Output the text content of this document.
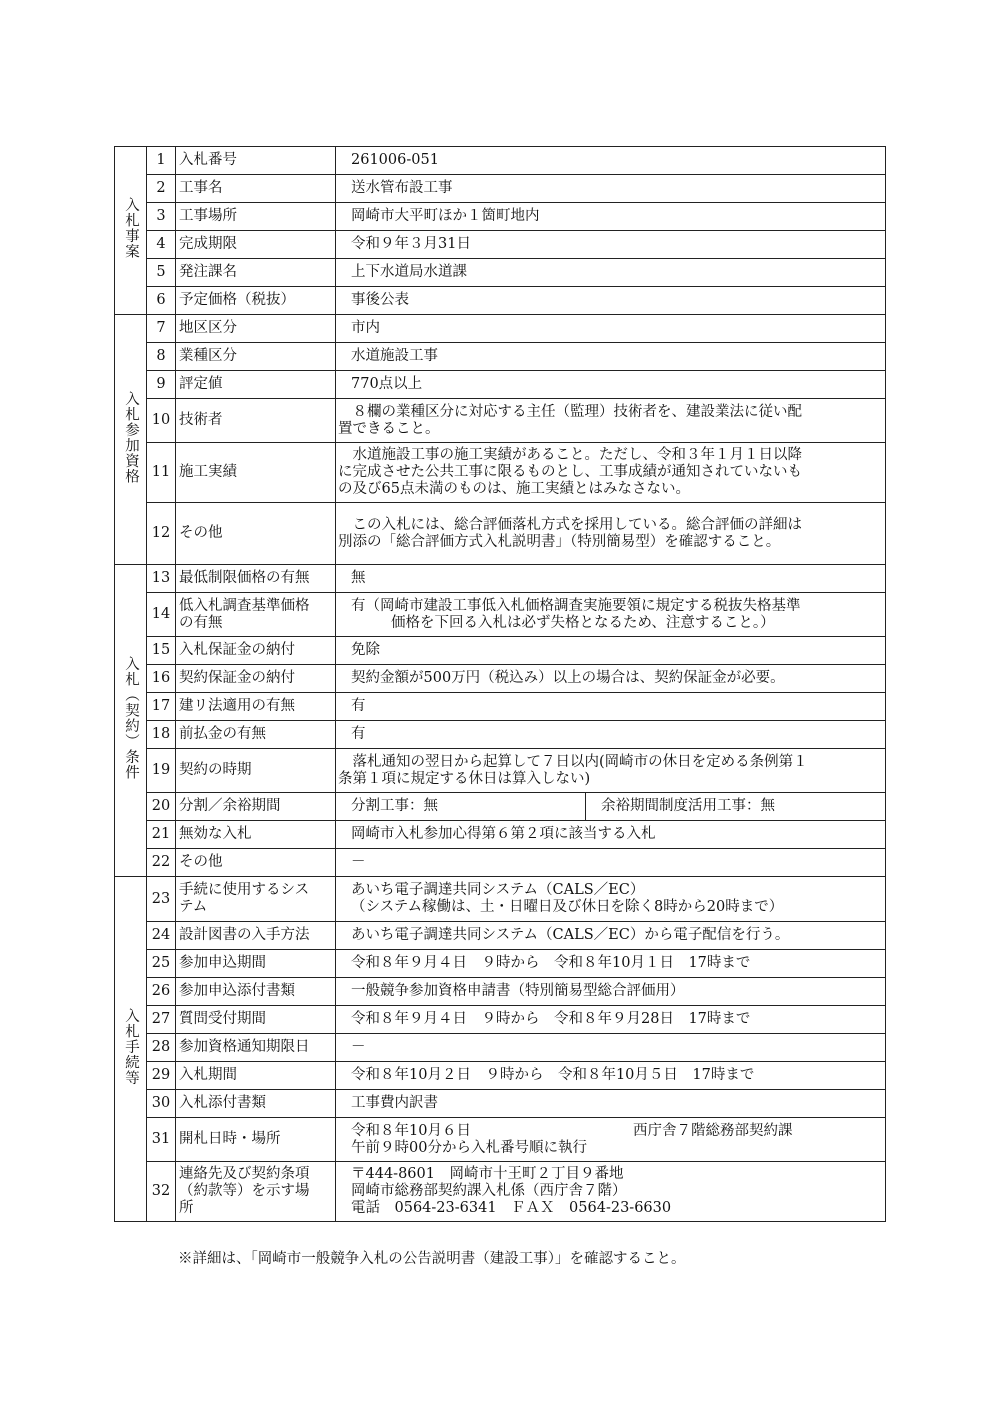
入札事案	1	入札番号	261006-051	
	2	工事名	送水管布設工事	
	3	工事場所	岡崎市大平町ほか１箇町地内	
	4	完成期限	令和９年３月31日	
	5	発注課名	上下水道局水道課	
	6	予定価格（税抜）	事後公表	
入札参加資格	7	地区区分	市内	
	8	業種区分	水道施設工事	
	9	評定値	770点以上	
	10	技術者	　８欄の業種区分に対応する主任（監理）技術者を、建設業法に従い配
置できること。	

	11	施工実績	　水道施設工事の施工実績があること。ただし、令和３年１月１日以降
に完成させた公共工事に限るものとし、工事成績が通知されていないも
の及び65点未満のものは、施工実績とはみなさない。	

	12	その他	　この入札には、総合評価落札方式を採用している。総合評価の詳細は
別添の「総合評価方式入札説明書」（特別簡易型）を確認すること。	

入札（契約）条件	13	最低制限価格の有無	無	
	14	低入札調査基準価格
の有無	有（岡崎市建設工事低入札価格調査実施要領に規定する税抜失格基準
価格を下回る入札は必ず失格となるため、注意すること。）	

	15	入札保証金の納付	免除	
	16	契約保証金の納付	契約金額が500万円（税込み）以上の場合は、契約保証金が必要。	
	17	建リ法適用の有無	有	
	18	前払金の有無	有	
	19	契約の時期	　落札通知の翌日から起算して７日以内(岡崎市の休日を定める条例第１
条第１項に規定する休日は算入しない)	

	20	分割／余裕期間	分割工事：無	余裕期間制度活用工事：無
	21	無効な入札	岡崎市入札参加心得第６第２項に該当する入札	
	22	その他	－	
入札手続等	23	手続に使用するシス
テム	あいち電子調達共同システム（CALS／EC）
（システム稼働は、土・日曜日及び休日を除く8時から20時まで）	

	24	設計図書の入手方法	あいち電子調達共同システム（CALS／EC）から電子配信を行う。	
	25	参加申込期間	令和８年９月４日　９時から　令和８年10月１日　17時まで	
	26	参加申込添付書類	一般競争参加資格申請書（特別簡易型総合評価用）	
	27	質問受付期間	令和８年９月４日　９時から　令和８年９月28日　17時まで	
	28	参加資格通知期限日	－	
	29	入札期間	令和８年10月２日　９時から　令和８年10月５日　17時まで	
	30	入札添付書類	工事費内訳書	
	31	開札日時・場所	令和８年10月６日 西庁舎７階総務部契約課
午前９時00分から入札番号順に執行	

	32	連絡先及び契約条項
（約款等）を示す場
所	〒444-8601　岡崎市十王町２丁目９番地
岡崎市総務部契約課入札係（西庁舎７階）
電話　0564-23-6341　ＦＡＸ　0564-23-6630	
※詳細は、「岡崎市一般競争入札の公告説明書（建設工事）」を確認すること。
